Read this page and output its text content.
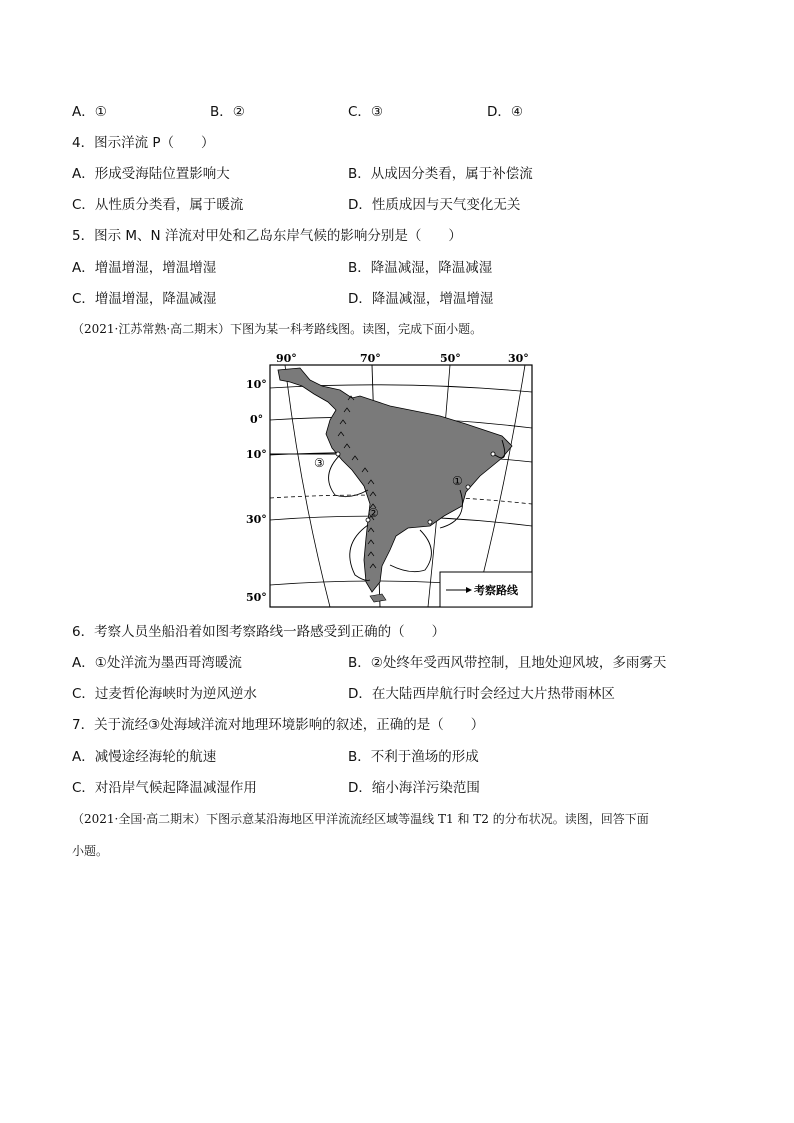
A．①	B．②	C．③	D．④
4．图示洋流 P（　　）
A．形成受海陆位置影响大	B．从成因分类看，属于补偿流
C．从性质分类看，属于暖流	D．性质成因与天气变化无关
5．图示 M、N 洋流对甲处和乙岛东岸气候的影响分别是（　　）
A．增温增湿，增温增湿	B．降温减湿，降温减湿
C．增温增湿，降温减湿	D．降温减湿，增温增湿
（2021·江苏常熟·高二期末）下图为某一科考路线图。读图，完成下面小题。
90°	70°	50°	30°
10°
0°
10°
30°
50°
③
①
②
考察路线
6．考察人员坐船沿着如图考察路线一路感受到正确的（　　）
A．①处洋流为墨西哥湾暖流	B．②处终年受西风带控制，且地处迎风坡，多雨雾天
C．过麦哲伦海峡时为逆风逆水	D．在大陆西岸航行时会经过大片热带雨林区
7．关于流经③处海域洋流对地理环境影响的叙述，正确的是（　　）
A．减慢途经海轮的航速	B．不利于渔场的形成
C．对沿岸气候起降温减湿作用	D．缩小海洋污染范围
（2021·全国·高二期末）下图示意某沿海地区甲洋流流经区域等温线 T1 和 T2 的分布状况。读图，回答下面
小题。
